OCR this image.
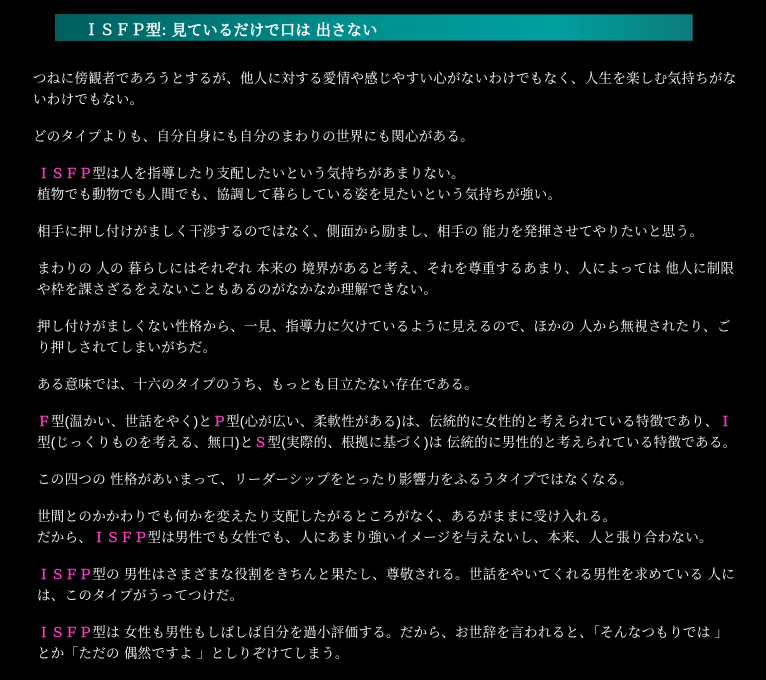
ＩＳＦＰ型: 見ているだけで口は 出さない

つねに傍観者であろうとするが、他人に対する愛情や感じやすい心がないわけでもなく、人生を楽しむ気持ちがないわけでもない。

どのタイプよりも、自分自身にも自分のまわりの世界にも関心がある。

ＩＳＦＰ型は人を指導したり支配したいという気持ちがあまりない。
植物でも動物でも人間でも、協調して暮らしている姿を見たいという気持ちが強い。

相手に押し付けがましく干渉するのではなく、側面から励まし、相手の 能力を発揮させてやりたいと思う。

まわりの 人の 暮らしにはそれぞれ 本来の 境界があると考え、それを尊重するあまり、人によっては 他人に制限や枠を課さざるをえないこともあるのがなかなか理解できない。

押し付けがましくない性格から、一見、指導力に欠けているように見えるので、ほかの 人から無視されたり、ごり押しされてしまいがちだ。

ある意味では、十六のタイプのうち、もっとも目立たない存在である。

Ｆ型(温かい、世話をやく)とＰ型(心が広い、柔軟性がある)は、伝統的に女性的と考えられている特徴であり、Ｉ型(じっくりものを考える、無口)とＳ型(実際的、根拠に基づく)は 伝統的に男性的と考えられている特徴である。

この四つの 性格があいまって、リーダーシップをとったり影響力をふるうタイプではなくなる。

世間とのかかわりでも何かを変えたり支配したがるところがなく、あるがままに受け入れる。
だから、ＩＳＦＰ型は男性でも女性でも、人にあまり強いイメージを与えないし、本来、人と張り合わない。

ＩＳＦＰ型の 男性はさまざまな役割をきちんと果たし、尊敬される。世話をやいてくれる男性を求めている 人には、このタイプがうってつけだ。

ＩＳＦＰ型は 女性も男性もしばしば自分を過小評価する。だから、お世辞を言われると、「そんなつもりでは 」とか「ただの 偶然ですよ 」としりぞけてしまう。
